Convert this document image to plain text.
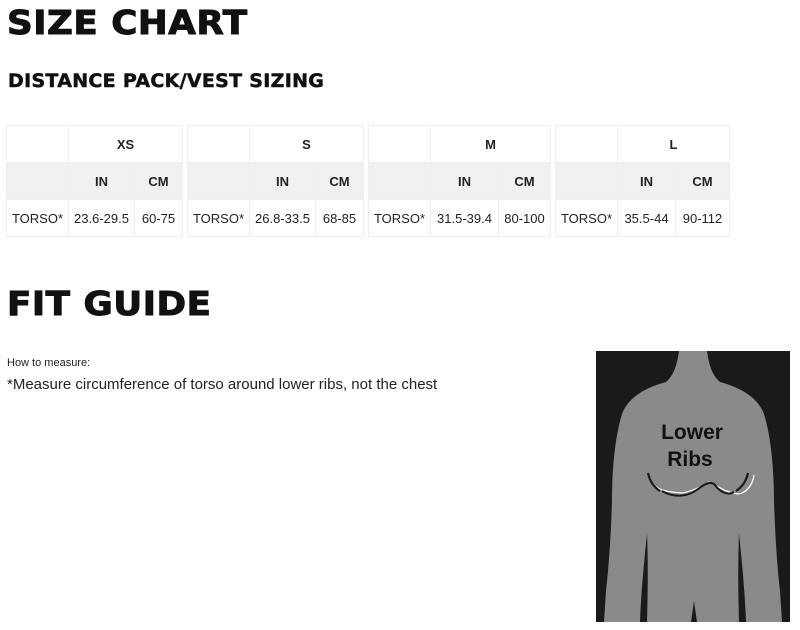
SIZE CHART
DISTANCE PACK/VEST SIZING
	XS	
	IN	CM
TORSO*	23.6-29.5	60-75
	S	
	IN	CM
TORSO*	26.8-33.5	68-85
	M	
	IN	CM
TORSO*	31.5-39.4	80-100
	L	
	IN	CM
TORSO*	35.5-44	90-112
FIT GUIDE
How to measure:
*Measure circumference of torso around lower ribs, not the chest
Lower
Ribs
